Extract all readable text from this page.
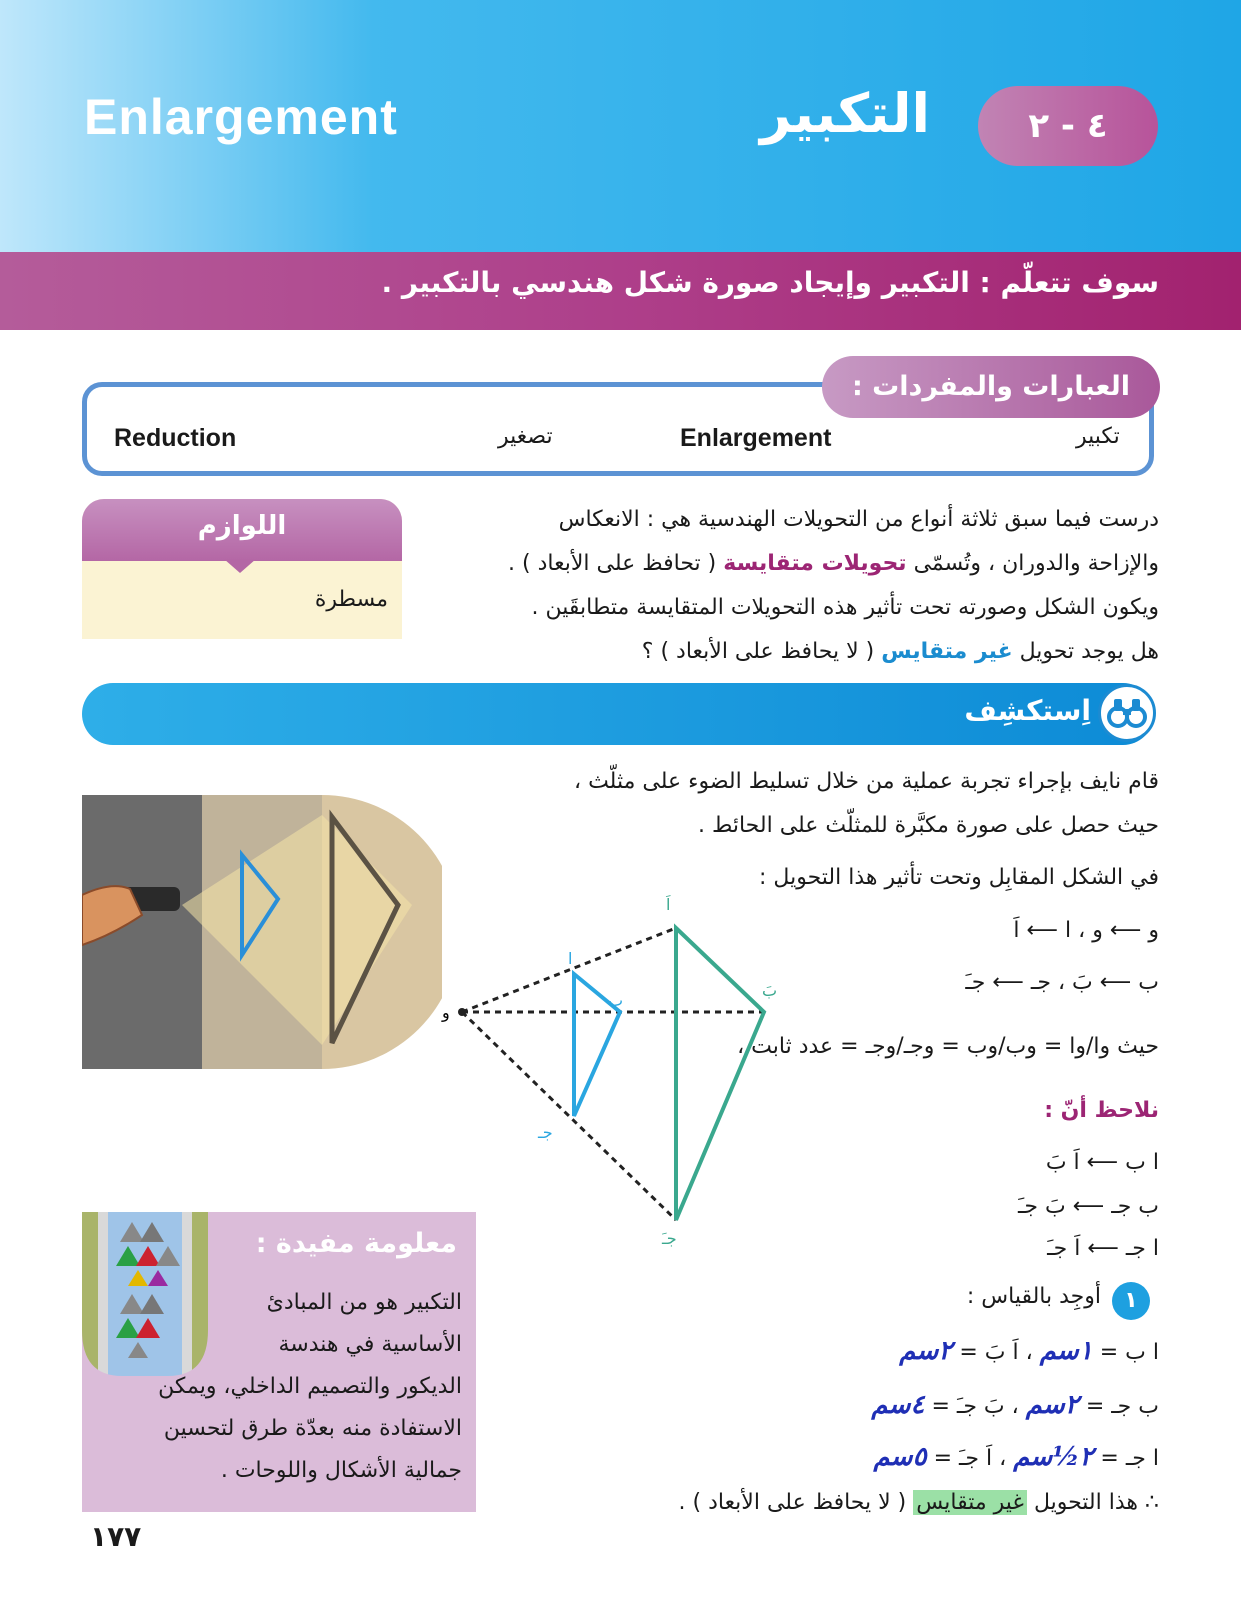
Enlargement	التكبير	٤ - ٢
سوف تتعلّم : التكبير وإيجاد صورة شكل هندسي بالتكبير .
العبارات والمفردات :
تكبير
Enlargement
تصغير
Reduction
اللوازم
مسطرة
درست فيما سبق ثلاثة أنواع من التحويلات الهندسية هي : الانعكاس
والإزاحة والدوران ، وتُسمّى تحويلات متقايسة ( تحافظ على الأبعاد ) .
ويكون الشكل وصورته تحت تأثير هذه التحويلات المتقايسة متطابقَين .
هل يوجد تحويل غير متقايس ( لا يحافظ على الأبعاد ) ؟
اِستكشِف
قام نايف بإجراء تجربة عملية من خلال تسليط الضوء على مثلّث ،
حيث حصل على صورة مكبَّرة للمثلّث على الحائط .
في الشكل المقابِل وتحت تأثير هذا التحويل :
و ⟵ و ، ا ⟵ اَ
ب ⟵ بَ ، جـ ⟵ جـَ
حيث وا/وا = وب/وب = وجـ/وجـ = عدد ثابت ،
نلاحظ أنّ :
ا ب ⟵ اَ بَ
ب جـ ⟵ بَ جـَ
ا جـ ⟵ اَ جـَ
و
ا
ب
جـ
اَ
بَ
جـَ
١
أوجِد بالقياس :
ا ب = ١سم ، اَ بَ = ٢سم
ب جـ = ٢سم ، بَ جـَ = ٤سم
ا جـ = ٢½سم ، اَ جـَ = ٥سم
∴ هذا التحويل غير متقايس ( لا يحافظ على الأبعاد ) .
معلومة مفيدة :
التكبير هو من المبادئ
الأساسية في هندسة
الديكور والتصميم الداخلي، ويمكن
الاستفادة منه بعدّة طرق لتحسين
جمالية الأشكال واللوحات .
١٧٧
